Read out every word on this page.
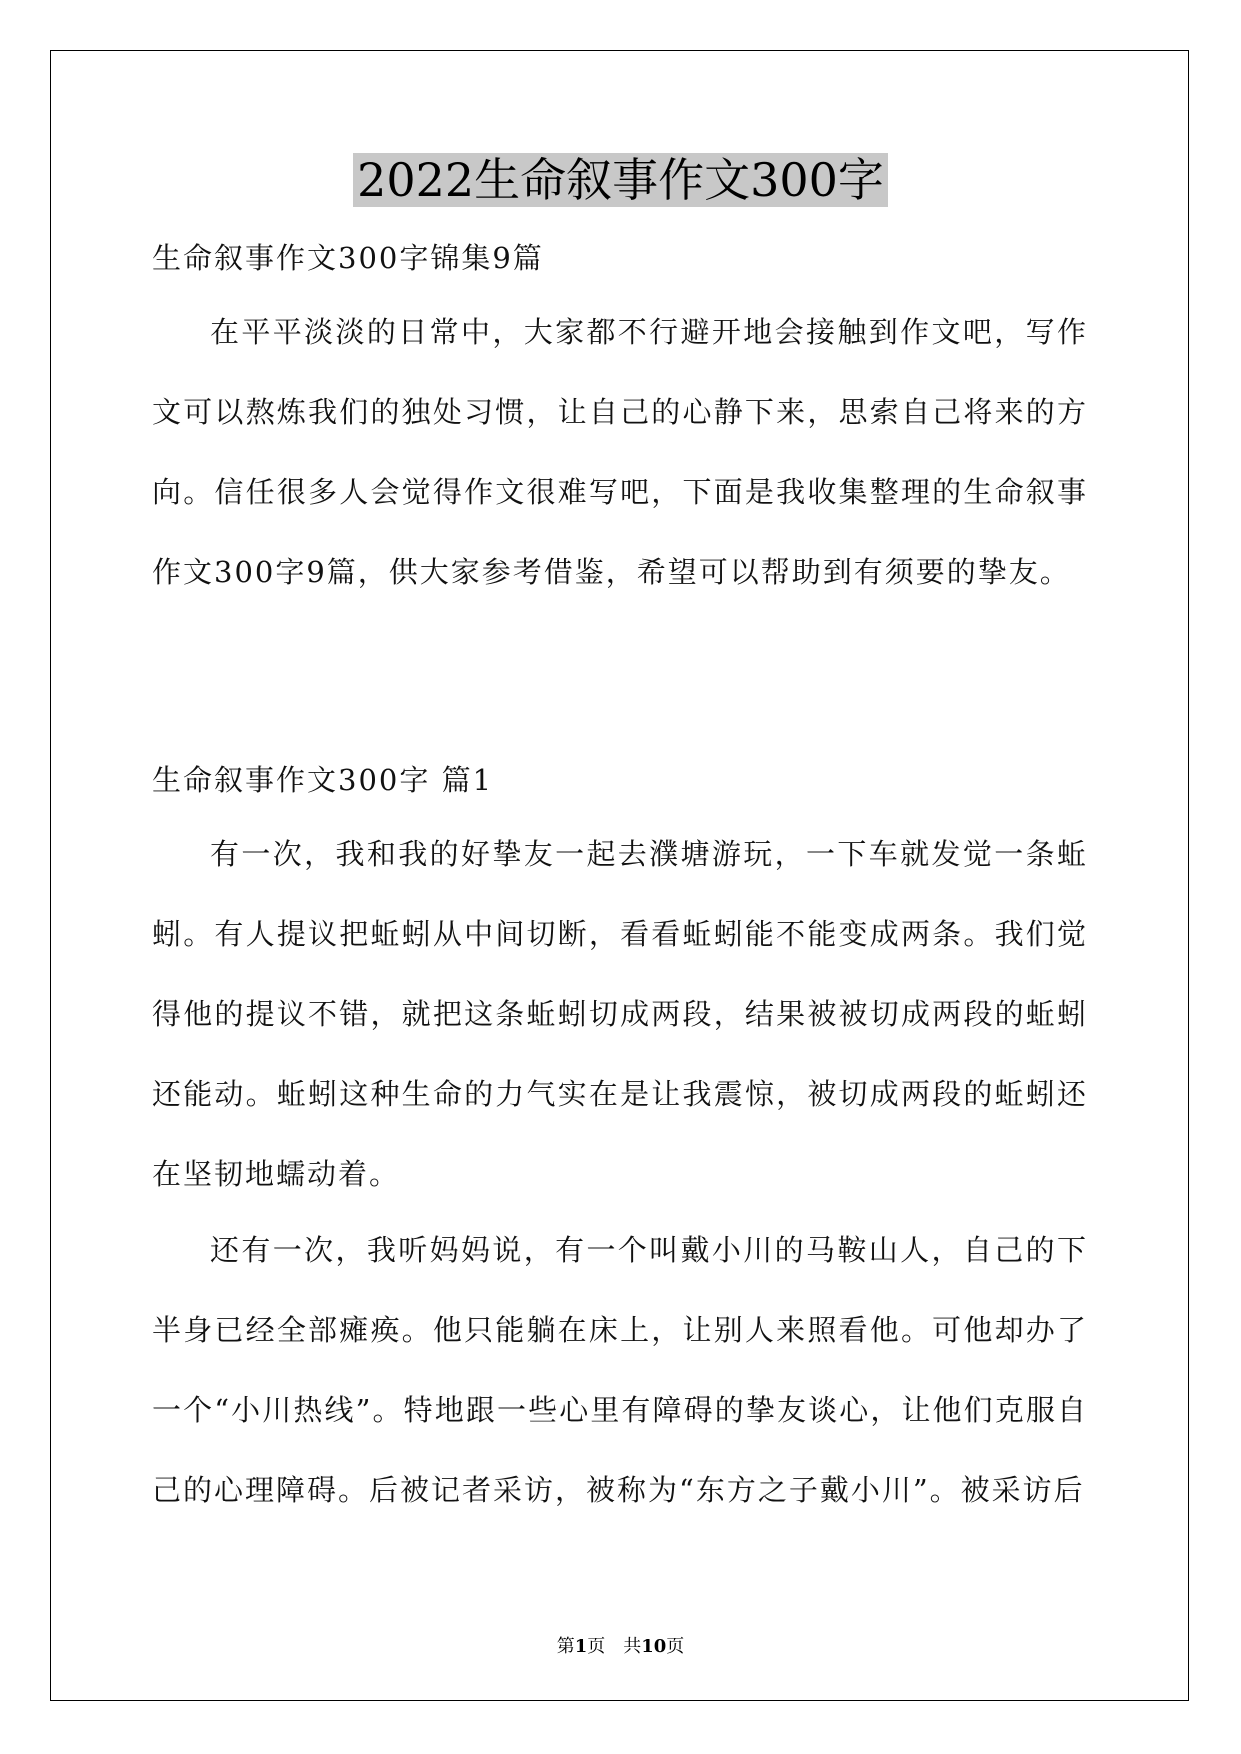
2022生命叙事作文300字

生命叙事作文300字锦集9篇

在平平淡淡的日常中，大家都不行避开地会接触到作文吧，写作文可以熬炼我们的独处习惯，让自己的心静下来，思索自己将来的方向。信任很多人会觉得作文很难写吧，下面是我收集整理的生命叙事作文300字9篇，供大家参考借鉴，希望可以帮助到有须要的挚友。

生命叙事作文300字 篇1

有一次，我和我的好挚友一起去濮塘游玩，一下车就发觉一条蚯蚓。有人提议把蚯蚓从中间切断，看看蚯蚓能不能变成两条。我们觉得他的提议不错，就把这条蚯蚓切成两段，结果被被切成两段的蚯蚓还能动。蚯蚓这种生命的力气实在是让我震惊，被切成两段的蚯蚓还在坚韧地蠕动着。

还有一次，我听妈妈说，有一个叫戴小川的马鞍山人，自己的下半身已经全部瘫痪。他只能躺在床上，让别人来照看他。可他却办了一个“小川热线”。特地跟一些心里有障碍的挚友谈心，让他们克服自己的心理障碍。后被记者采访，被称为“东方之子戴小川”。被采访后

第1页　共10页
